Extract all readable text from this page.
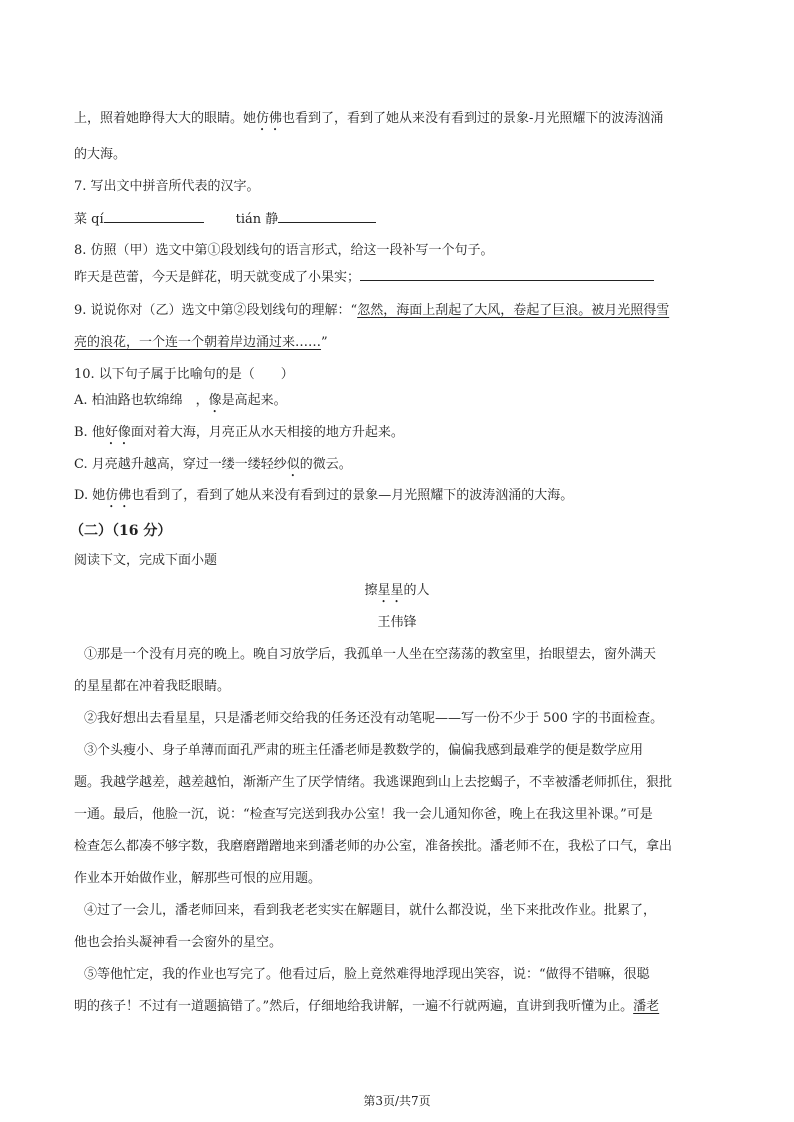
上，照着她睁得大大的眼睛。她仿佛也看到了，看到了她从来没有看到过的景象-月光照耀下的波涛汹涌
的大海。
7. 写出文中拼音所代表的汉字。
菜 qí	tián 静
8. 仿照（甲）选文中第①段划线句的语言形式，给这一段补写一个句子。
昨天是芭蕾，今天是鲜花，明天就变成了小果实；
9. 说说你对（乙）选文中第②段划线句的理解：“忽然，海面上刮起了大风，卷起了巨浪。被月光照得雪
亮的浪花，一个连一个朝着岸边涌过来……”
10. 以下句子属于比喻句的是（　　）
A. 柏油路也软绵绵　，像是高起来。
B. 他好像面对着大海，月亮正从水天相接的地方升起来。
C. 月亮越升越高，穿过一缕一缕轻纱似的微云。
D. 她仿佛也看到了，看到了她从来没有看到过的景象—月光照耀下的波涛汹涌的大海。
（二）（16 分）
阅读下文，完成下面小题
擦星星的人
王伟锋
①那是一个没有月亮的晚上。晚自习放学后，我孤单一人坐在空荡荡的教室里，抬眼望去，窗外满天
的星星都在冲着我眨眼睛。
②我好想出去看星星，只是潘老师交给我的任务还没有动笔呢——写一份不少于 500 字的书面检查。
③个头瘦小、身子单薄而面孔严肃的班主任潘老师是教数学的，偏偏我感到最难学的便是数学应用
题。我越学越差，越差越怕，渐渐产生了厌学情绪。我逃课跑到山上去挖蝎子，不幸被潘老师抓住，狠批
一通。最后，他脸一沉，说：“检查写完送到我办公室！我一会儿通知你爸，晚上在我这里补课。”可是
检查怎么都凑不够字数，我磨磨蹭蹭地来到潘老师的办公室，准备挨批。潘老师不在，我松了口气，拿出
作业本开始做作业，解那些可恨的应用题。
④过了一会儿，潘老师回来，看到我老老实实在解题目，就什么都没说，坐下来批改作业。批累了，
他也会抬头凝神看一会窗外的星空。
⑤等他忙定，我的作业也写完了。他看过后，脸上竟然难得地浮现出笑容，说：“做得不错嘛，很聪
明的孩子！不过有一道题搞错了。”然后，仔细地给我讲解，一遍不行就两遍，直讲到我听懂为止。潘老
第3页/共7页
